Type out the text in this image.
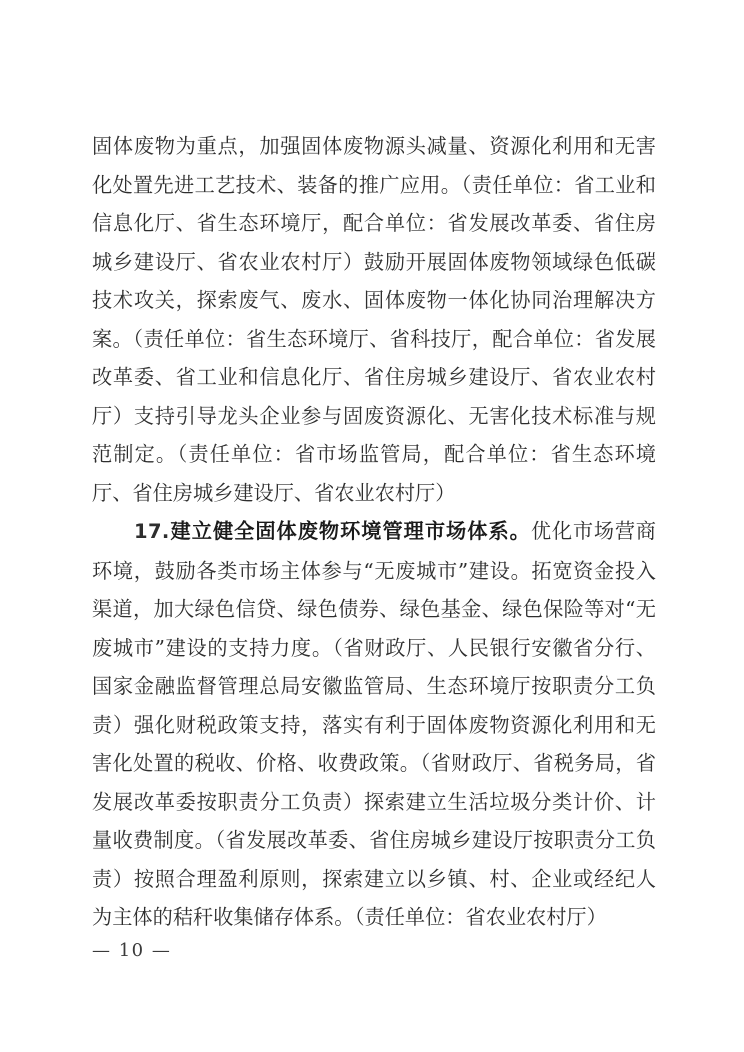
固体废物为重点，加强固体废物源头减量、资源化利用和无害化处置先进工艺技术、装备的推广应用。（责任单位：省工业和信息化厅、省生态环境厅，配合单位：省发展改革委、省住房城乡建设厅、省农业农村厅）鼓励开展固体废物领域绿色低碳技术攻关，探索废气、废水、固体废物一体化协同治理解决方案。（责任单位：省生态环境厅、省科技厅，配合单位：省发展改革委、省工业和信息化厅、省住房城乡建设厅、省农业农村厅）支持引导龙头企业参与固废资源化、无害化技术标准与规范制定。（责任单位：省市场监管局，配合单位：省生态环境厅、省住房城乡建设厅、省农业农村厅）

17.建立健全固体废物环境管理市场体系。优化市场营商环境，鼓励各类市场主体参与“无废城市”建设。拓宽资金投入渠道，加大绿色信贷、绿色债券、绿色基金、绿色保险等对“无废城市”建设的支持力度。（省财政厅、人民银行安徽省分行、国家金融监督管理总局安徽监管局、生态环境厅按职责分工负责）强化财税政策支持，落实有利于固体废物资源化利用和无害化处置的税收、价格、收费政策。（省财政厅、省税务局，省发展改革委按职责分工负责）探索建立生活垃圾分类计价、计量收费制度。（省发展改革委、省住房城乡建设厅按职责分工负责）按照合理盈利原则，探索建立以乡镇、村、企业或经纪人为主体的秸秆收集储存体系。（责任单位：省农业农村厅）

— 10 —
